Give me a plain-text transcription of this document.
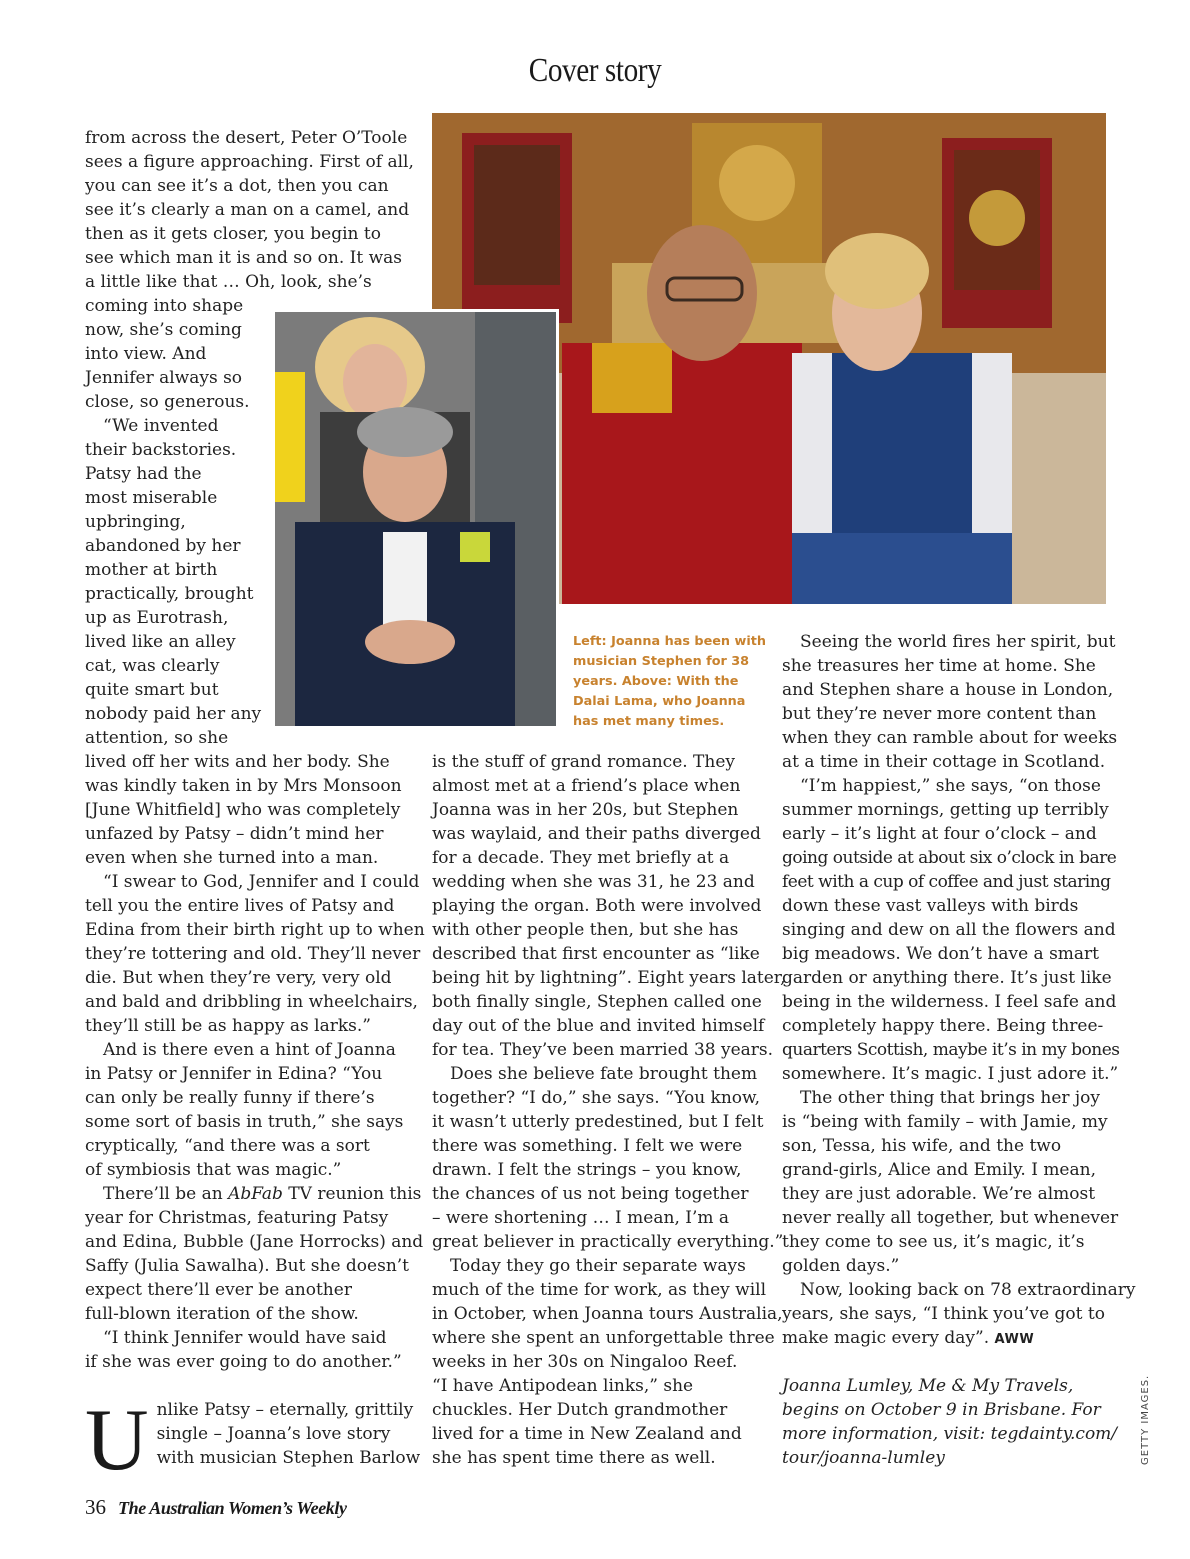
Cover story

from across the desert, Peter O’Toole
sees a figure approaching. First of all,
you can see it’s a dot, then you can
see it’s clearly a man on a camel, and
then as it gets closer, you begin to
see which man it is and so on. It was
a little like that … Oh, look, she’s

coming into shape
now, she’s coming
into view. And
Jennifer always so
close, so generous.
“We invented
their backstories.
Patsy had the
most miserable
upbringing,
abandoned by her
mother at birth
practically, brought
up as Eurotrash,
lived like an alley
cat, was clearly
quite smart but
nobody paid her any
attention, so she

lived off her wits and her body. She
was kindly taken in by Mrs Monsoon
[June Whitfield] who was completely
unfazed by Patsy – didn’t mind her
even when she turned into a man.

“I swear to God, Jennifer and I could
tell you the entire lives of Patsy and
Edina from their birth right up to when
they’re tottering and old. They’ll never
die. But when they’re very, very old
and bald and dribbling in wheelchairs,
they’ll still be as happy as larks.”

And is there even a hint of Joanna
in Patsy or Jennifer in Edina? “You
can only be really funny if there’s
some sort of basis in truth,” she says
cryptically, “and there was a sort
of symbiosis that was magic.”

There’ll be an AbFab TV reunion this
year for Christmas, featuring Patsy
and Edina, Bubble (Jane Horrocks) and
Saffy (Julia Sawalha). But she doesn’t
expect there’ll ever be another
full-blown iteration of the show.

“I think Jennifer would have said
if she was ever going to do another.”

U nlike Patsy – eternally, grittily
single – Joanna’s love story
with musician Stephen Barlow

Left: Joanna has been with
musician Stephen for 38
years. Above: With the
Dalai Lama, who Joanna
has met many times.

is the stuff of grand romance. They
almost met at a friend’s place when
Joanna was in her 20s, but Stephen
was waylaid, and their paths diverged
for a decade. They met briefly at a
wedding when she was 31, he 23 and
playing the organ. Both were involved
with other people then, but she has
described that first encounter as “like
being hit by lightning”. Eight years later,
both finally single, Stephen called one
day out of the blue and invited himself
for tea. They’ve been married 38 years.

Does she believe fate brought them
together? “I do,” she says. “You know,
it wasn’t utterly predestined, but I felt
there was something. I felt we were
drawn. I felt the strings – you know,
the chances of us not being together
– were shortening … I mean, I’m a
great believer in practically everything.”

Today they go their separate ways
much of the time for work, as they will
in October, when Joanna tours Australia,
where she spent an unforgettable three
weeks in her 30s on Ningaloo Reef.
“I have Antipodean links,” she
chuckles. Her Dutch grandmother
lived for a time in New Zealand and
she has spent time there as well.

Seeing the world fires her spirit, but
she treasures her time at home. She
and Stephen share a house in London,
but they’re never more content than
when they can ramble about for weeks
at a time in their cottage in Scotland.

“I’m happiest,” she says, “on those
summer mornings, getting up terribly
early – it’s light at four o’clock – and
going outside at about six o’clock in bare
feet with a cup of coffee and just staring
down these vast valleys with birds
singing and dew on all the flowers and
big meadows. We don’t have a smart
garden or anything there. It’s just like
being in the wilderness. I feel safe and
completely happy there. Being three-
quarters Scottish, maybe it’s in my bones
somewhere. It’s magic. I just adore it.”

The other thing that brings her joy
is “being with family – with Jamie, my
son, Tessa, his wife, and the two
grand-girls, Alice and Emily. I mean,
they are just adorable. We’re almost
never really all together, but whenever
they come to see us, it’s magic, it’s
golden days.”

Now, looking back on 78 extraordinary
years, she says, “I think you’ve got to
make magic every day”. AWW

Joanna Lumley, Me & My Travels,
begins on October 9 in Brisbane. For
more information, visit: tegdainty.com/
tour/joanna-lumley	GETTY IMAGES.
36 The Australian Women’s Weekly
